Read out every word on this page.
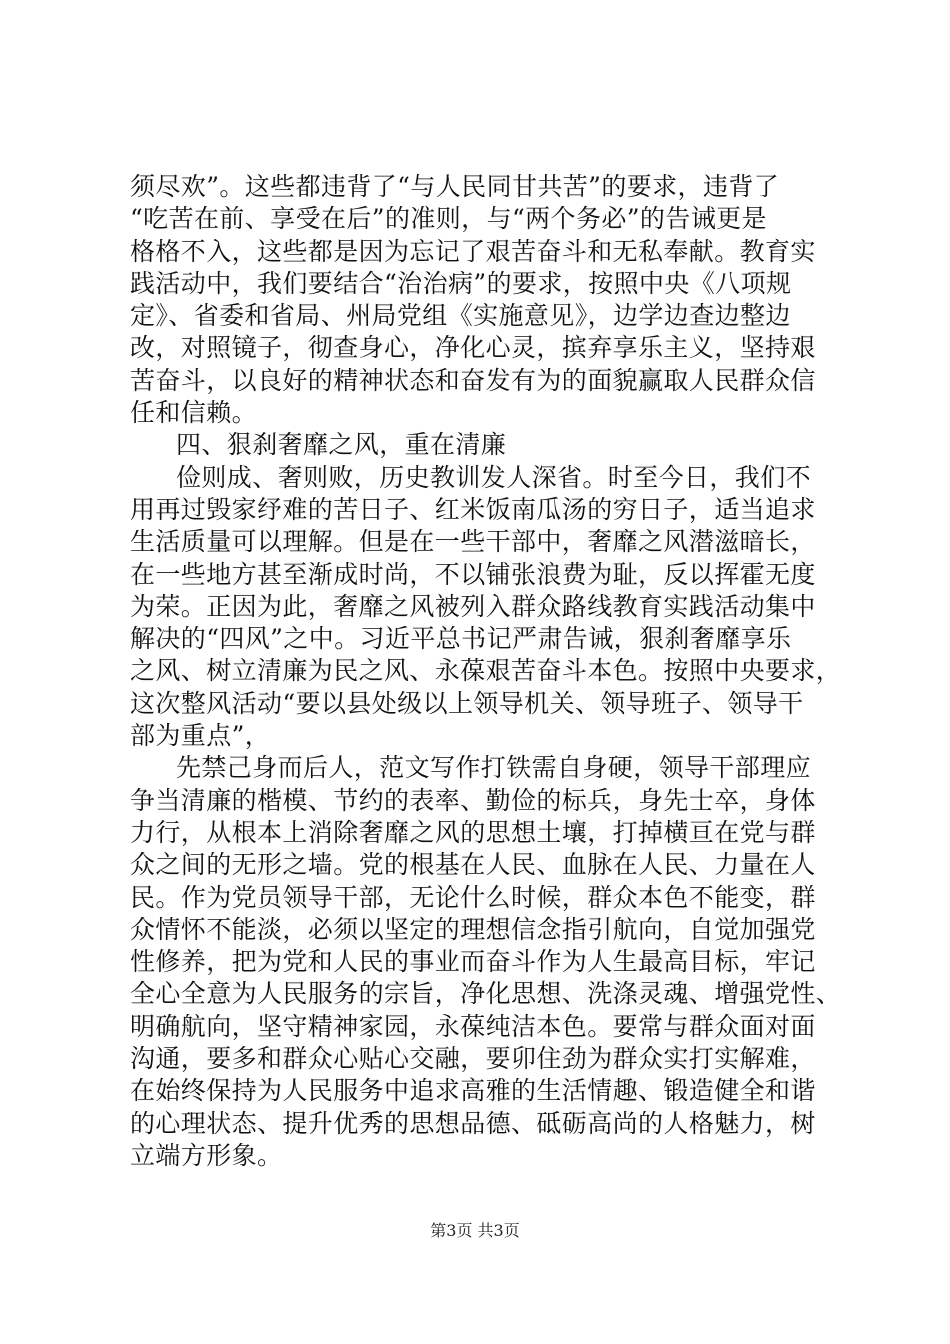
须尽欢”。这些都违背了“与人民同甘共苦”的要求，违背了
“吃苦在前、享受在后”的准则，与“两个务必”的告诫更是
格格不入，这些都是因为忘记了艰苦奋斗和无私奉献。教育实
践活动中，我们要结合“治治病”的要求，按照中央《八项规
定》、省委和省局、州局党组《实施意见》，边学边查边整边
改，对照镜子，彻查身心，净化心灵，摈弃享乐主义，坚持艰
苦奋斗，以良好的精神状态和奋发有为的面貌赢取人民群众信
任和信赖。
四、狠刹奢靡之风，重在清廉
俭则成、奢则败，历史教训发人深省。时至今日，我们不
用再过毁家纾难的苦日子、红米饭南瓜汤的穷日子，适当追求
生活质量可以理解。但是在一些干部中，奢靡之风潜滋暗长，
在一些地方甚至渐成时尚，不以铺张浪费为耻，反以挥霍无度
为荣。正因为此，奢靡之风被列入群众路线教育实践活动集中
解决的“四风”之中。习近平总书记严肃告诫，狠刹奢靡享乐
之风、树立清廉为民之风、永葆艰苦奋斗本色。按照中央要求，
这次整风活动“要以县处级以上领导机关、领导班子、领导干
部为重点”，
先禁己身而后人，范文写作打铁需自身硬，领导干部理应
争当清廉的楷模、节约的表率、勤俭的标兵，身先士卒，身体
力行，从根本上消除奢靡之风的思想土壤，打掉横亘在党与群
众之间的无形之墙。党的根基在人民、血脉在人民、力量在人
民。作为党员领导干部，无论什么时候，群众本色不能变，群
众情怀不能淡，必须以坚定的理想信念指引航向，自觉加强党
性修养，把为党和人民的事业而奋斗作为人生最高目标，牢记
全心全意为人民服务的宗旨，净化思想、洗涤灵魂、增强党性、
明确航向，坚守精神家园，永葆纯洁本色。要常与群众面对面
沟通，要多和群众心贴心交融，要卯住劲为群众实打实解难，
在始终保持为人民服务中追求高雅的生活情趣、锻造健全和谐
的心理状态、提升优秀的思想品德、砥砺高尚的人格魅力，树
立端方形象。
第3页 共3页
